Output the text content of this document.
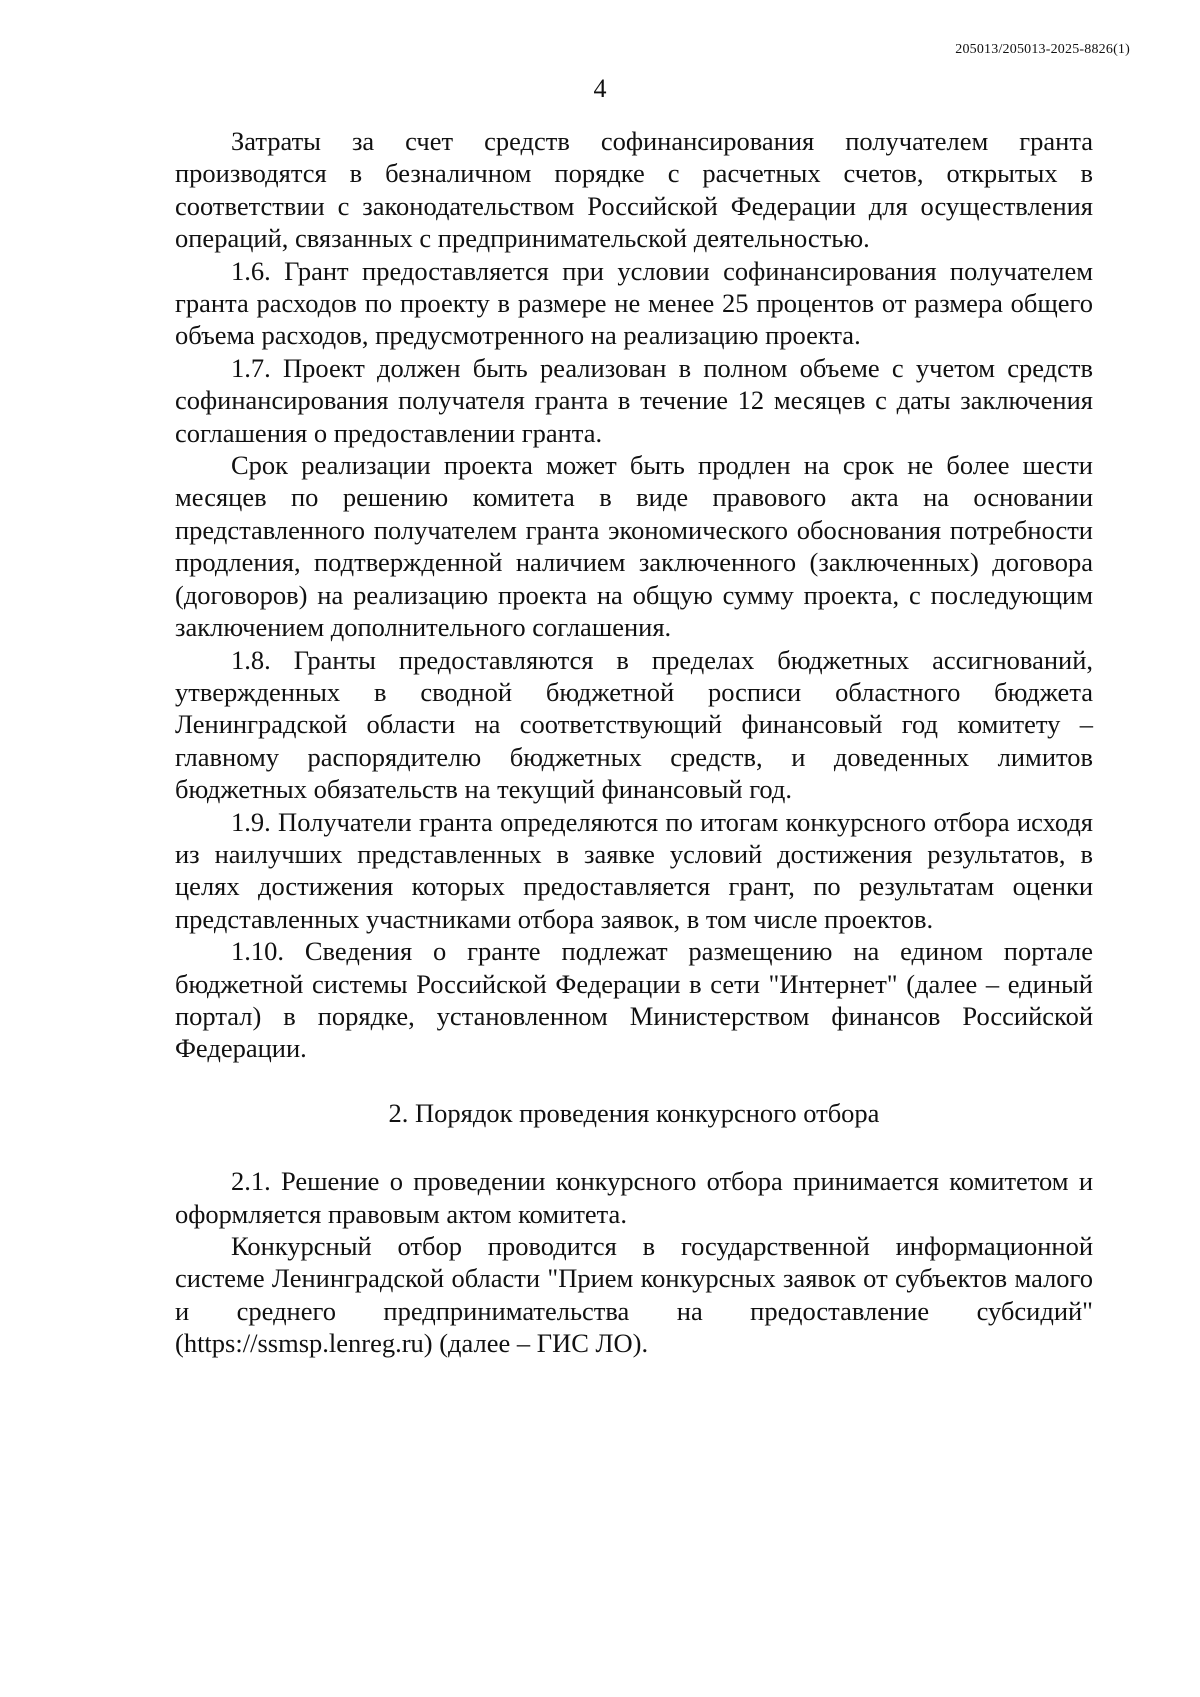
205013/205013-2025-8826(1)
4

Затраты за счет средств софинансирования получателем гранта производятся в безналичном порядке с расчетных счетов, открытых в соответствии с законодательством Российской Федерации для осуществления операций, связанных с предпринимательской деятельностью.

1.6. Грант предоставляется при условии софинансирования получателем гранта расходов по проекту в размере не менее 25 процентов от размера общего объема расходов, предусмотренного на реализацию проекта.

1.7. Проект должен быть реализован в полном объеме с учетом средств софинансирования получателя гранта в течение 12 месяцев с даты заключения соглашения о предоставлении гранта.

Срок реализации проекта может быть продлен на срок не более шести месяцев по решению комитета в виде правового акта на основании представленного получателем гранта экономического обоснования потребности продления, подтвержденной наличием заключенного (заключенных) договора (договоров) на реализацию проекта на общую сумму проекта, с последующим заключением дополнительного соглашения.

1.8. Гранты предоставляются в пределах бюджетных ассигнований, утвержденных в сводной бюджетной росписи областного бюджета Ленинградской области на соответствующий финансовый год комитету – главному распорядителю бюджетных средств, и доведенных лимитов бюджетных обязательств на текущий финансовый год.

1.9. Получатели гранта определяются по итогам конкурсного отбора исходя из наилучших представленных в заявке условий достижения результатов, в целях достижения которых предоставляется грант, по результатам оценки представленных участниками отбора заявок, в том числе проектов.

1.10. Сведения о гранте подлежат размещению на едином портале бюджетной системы Российской Федерации в сети "Интернет" (далее – единый портал) в порядке, установленном Министерством финансов Российской Федерации.

2. Порядок проведения конкурсного отбора

2.1. Решение о проведении конкурсного отбора принимается комитетом и оформляется правовым актом комитета.

Конкурсный отбор проводится в государственной информационной системе Ленинградской области "Прием конкурсных заявок от субъектов малого и среднего предпринимательства на предоставление субсидий" (https://ssmsp.lenreg.ru) (далее – ГИС ЛО).
